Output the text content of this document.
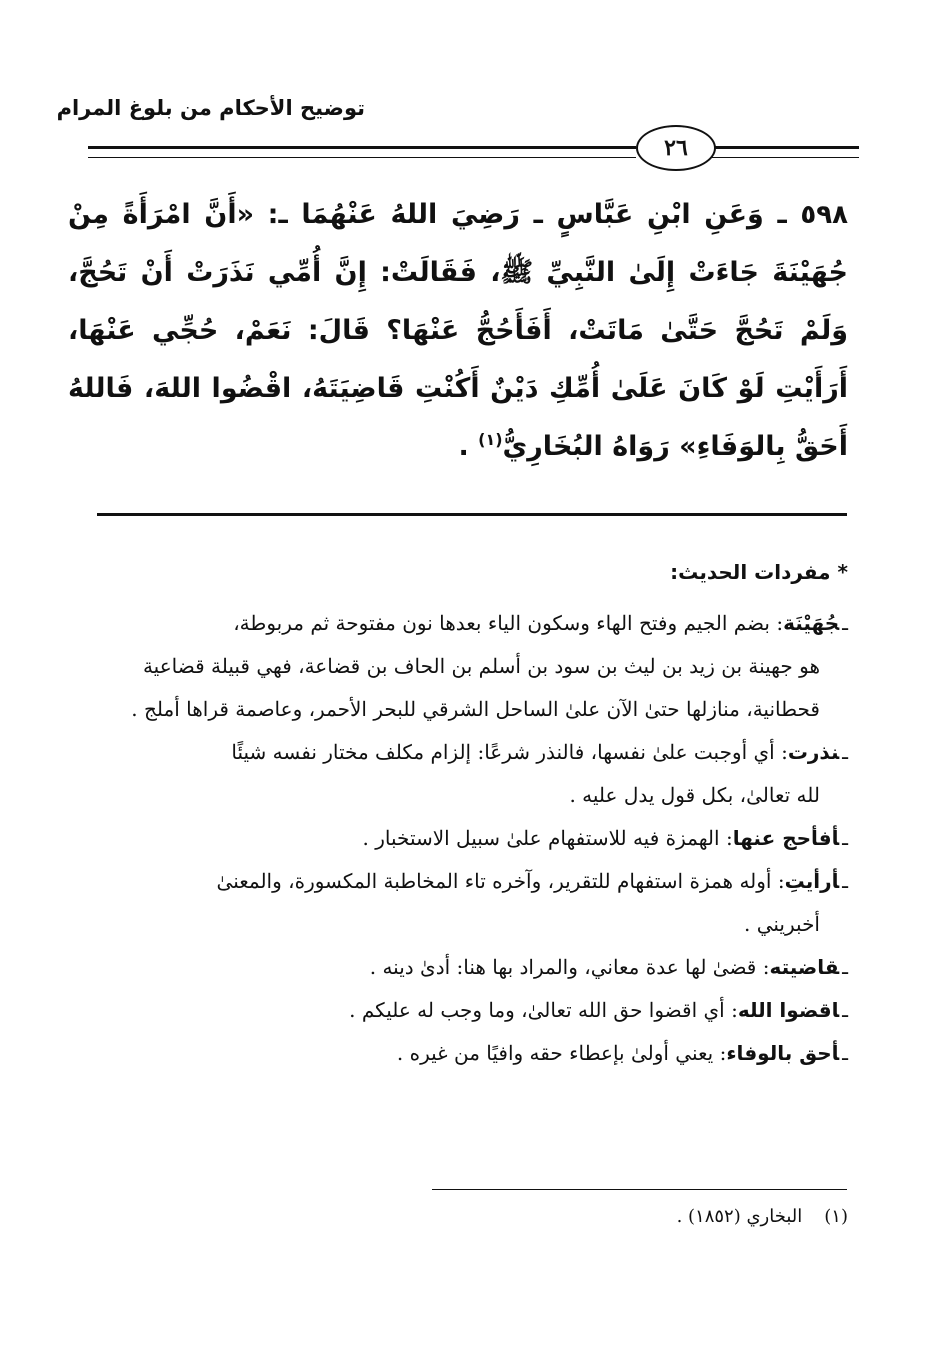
توضيح الأحكام من بلوغ المرام
٢٦
٥٩٨ ـ وَعَنِ ابْنِ عَبَّاسٍ ـ رَضِيَ اللهُ عَنْهُمَا ـ: «أَنَّ امْرَأَةً مِنْ جُهَيْنَةَ جَاءَتْ إِلَىٰ النَّبِيِّ ﷺ، فَقَالَتْ: إِنَّ أُمِّي نَذَرَتْ أَنْ تَحُجَّ، وَلَمْ تَحُجَّ حَتَّىٰ مَاتَتْ، أَفَأَحُجُّ عَنْهَا؟ قَالَ: نَعَمْ، حُجِّي عَنْهَا، أَرَأَيْتِ لَوْ كَانَ عَلَىٰ أُمِّكِ دَيْنٌ أَكُنْتِ قَاضِيَتَهُ، اقْضُوا اللهَ، فَاللهُ أَحَقُّ بِالوَفَاءِ» رَوَاهُ البُخَارِيُّ$^{(١)}$ .
* مفردات الحديث:
ـجُهَيْنَة: بضم الجيم وفتح الهاء وسكون الياء بعدها نون مفتوحة ثم مربوطة،
هو جهينة بن زيد بن ليث بن سود بن أسلم بن الحاف بن قضاعة، فهي قبيلة قضاعية قحطانية، منازلها حتىٰ الآن علىٰ الساحل الشرقي للبحر الأحمر، وعاصمة قراها أملج .
ـنذرت: أي أوجبت علىٰ نفسها، فالنذر شرعًا: إلزام مكلف مختار نفسه شيئًا
لله تعالىٰ، بكل قول يدل عليه .
ـأفأحج عنها: الهمزة فيه للاستفهام علىٰ سبيل الاستخبار .
ـأرأيتِ: أوله همزة استفهام للتقرير، وآخره تاء المخاطبة المكسورة، والمعنىٰ
أخبريني .
ـقاضيته: قضىٰ لها عدة معاني، والمراد بها هنا: أدىٰ دينه .
ـاقضوا الله: أي اقضوا حق الله تعالىٰ، وما وجب له عليكم .
ـأحق بالوفاء: يعني أولىٰ بإعطاء حقه وافيًا من غيره .
(١)البخاري (١٨٥٢) .
